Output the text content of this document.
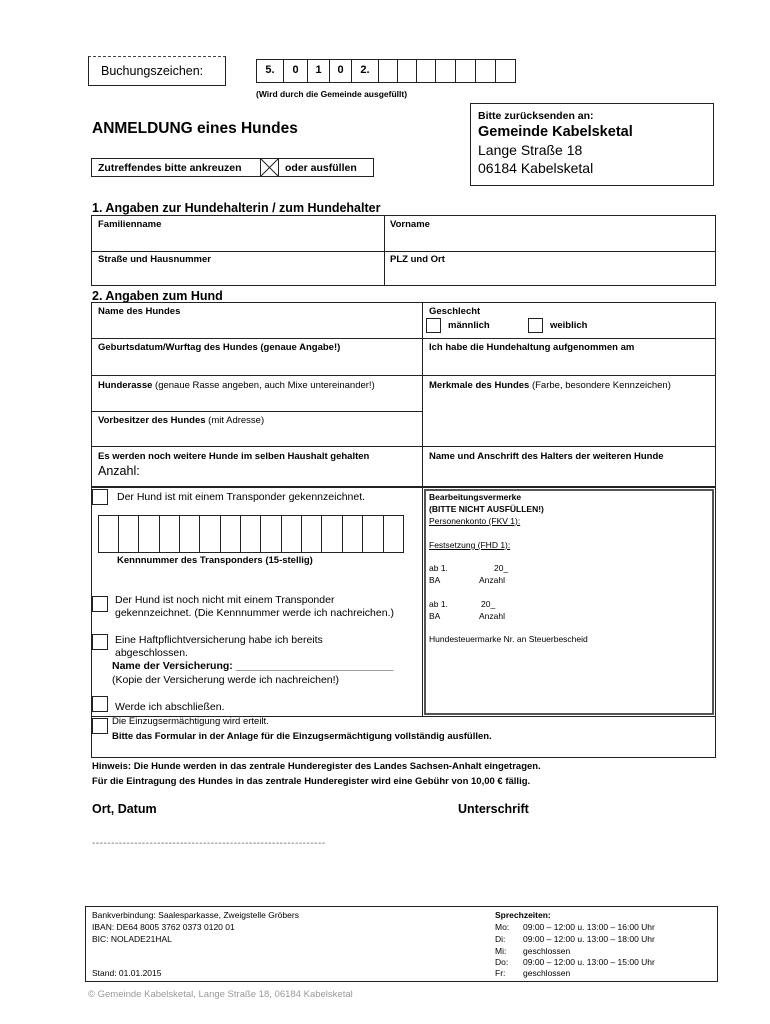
Buchungszeichen:	5.	0	1	0	2.
(Wird durch die Gemeinde ausgefüllt)
Bitte zurücksenden an:
Gemeinde Kabelsketal
Lange Straße 18
06184 Kabelsketal
ANMELDUNG eines Hundes
Zutreffendes bitte ankreuzen ☒ oder ausfüllen
1. Angaben zur Hundehalterin / zum Hundehalter
Familienname	Vorname
Straße und Hausnummer	PLZ und Ort
2. Angaben zum Hund
Name des Hundes	Geschlecht
männlich	weiblich
Geburtsdatum/Wurftag des Hundes (genaue Angabe!)	Ich habe die Hundehaltung aufgenommen am
Hunderasse (genaue Rasse angeben, auch Mixe untereinander!)	Merkmale des Hundes (Farbe, besondere Kennzeichen)
Vorbesitzer des Hundes (mit Adresse)
Es werden noch weitere Hunde im selben Haushalt gehalten
Anzahl:
Name und Anschrift des Halters der weiteren Hunde
Der Hund ist mit einem Transponder gekennzeichnet.
Kennnummer des Transponders (15-stellig)
Der Hund ist noch nicht mit einem Transponder
gekennzeichnet. (Die Kennnummer werde ich nachreichen.)
Eine Haftpflichtversicherung habe ich bereits
abgeschlossen.
Name der Versicherung: ___________________________
(Kopie der Versicherung werde ich nachreichen!)
Werde ich abschließen.
Die Einzugsermächtigung wird erteilt.
Bitte das Formular in der Anlage für die Einzugsermächtigung vollständig ausfüllen.
Bearbeitungsvermerke
(BITTE NICHT AUSFÜLLEN!)
Personenkonto (FKV 1):
Festsetzung (FHD 1):
ab 1.	20_
BA	Anzahl
ab 1.	20_
BA	Anzahl
Hundesteuermarke Nr. an Steuerbescheid
Hinweis: Die Hunde werden in das zentrale Hunderegister des Landes Sachsen-Anhalt eingetragen.
Für die Eintragung des Hundes in das zentrale Hunderegister wird eine Gebühr von 10,00 € fällig.
Ort, Datum	Unterschrift
-------------------------------------------------------------
Bankverbindung: Saalesparkasse, Zweigstelle Gröbers
IBAN: DE64 8005 3762 0373 0120 01
BIC: NOLADE21HAL
Stand: 01.01.2015
Sprechzeiten:
Mo: 09:00 – 12:00 u. 13:00 – 16:00 Uhr
Di: 09:00 – 12:00 u. 13:00 – 18:00 Uhr
Mi: geschlossen
Do: 09:00 – 12:00 u. 13:00 – 15:00 Uhr
Fr: geschlossen
© Gemeinde Kabelsketal, Lange Straße 18, 06184 Kabelsketal
